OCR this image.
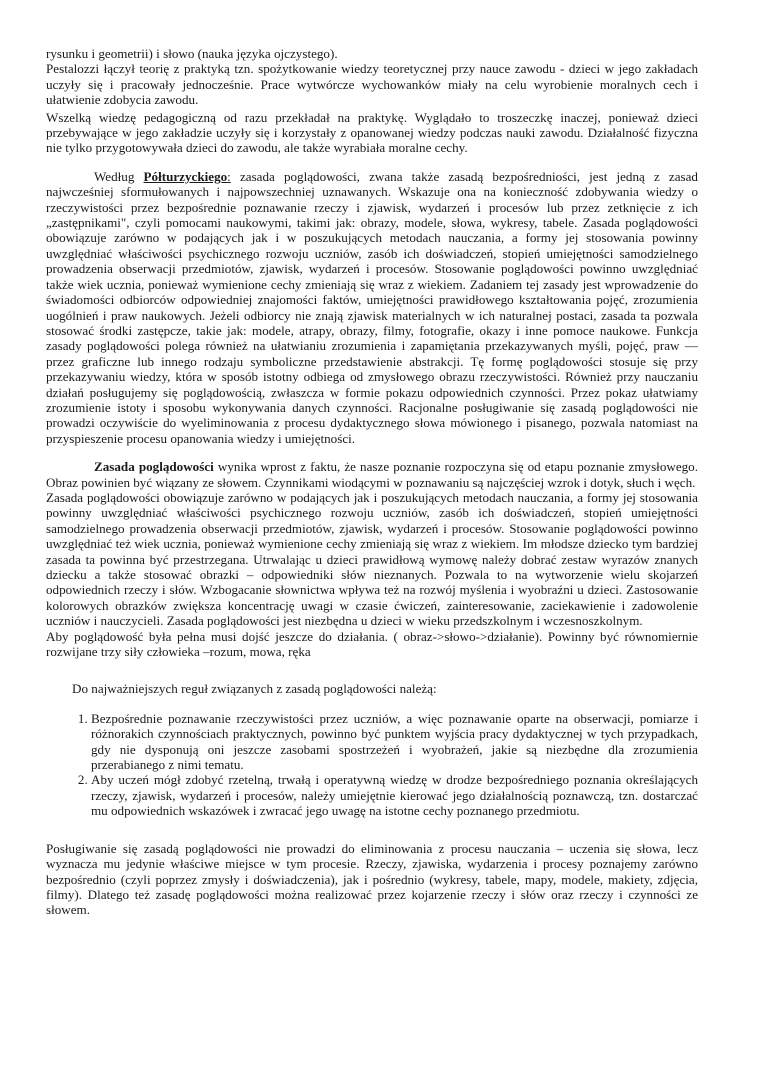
rysunku i geometrii) i słowo (nauka języka ojczystego).

Pestalozzi łączył teorię z praktyką tzn. spożytkowanie wiedzy teoretycznej przy nauce zawodu - dzieci w jego zakładach uczyły się i pracowały jednocześnie. Prace wytwórcze wychowanków miały na celu wyrobienie moralnych cech i ułatwienie zdobycia zawodu.

Wszelką wiedzę pedagogiczną od razu przekładał na praktykę. Wyglądało to troszeczkę inaczej, ponieważ dzieci przebywające w jego zakładzie uczyły się i korzystały z opanowanej wiedzy podczas nauki zawodu. Działalność fizyczna nie tylko przygotowywała dzieci do zawodu, ale także wyrabiała moralne cechy.

Według Półturzyckiego: zasada poglądowości, zwana także zasadą bezpośredniości, jest jedną z zasad najwcześniej sformułowanych i najpowszechniej uznawanych. Wskazuje ona na konieczność zdobywania wiedzy o rzeczywistości przez bezpośrednie poznawanie rzeczy i zjawisk, wydarzeń i procesów lub przez zetknięcie z ich „zastępnikami", czyli pomocami naukowymi, takimi jak: obrazy, modele, słowa, wykresy, tabele. Zasada poglądowości obowiązuje zarówno w podających jak i w poszukujących metodach nauczania, a formy jej stosowania powinny uwzględniać właściwości psychicznego rozwoju uczniów, zasób ich doświadczeń, stopień umiejętności samodzielnego prowadzenia obserwacji przedmiotów, zjawisk, wydarzeń i procesów. Stosowanie poglądowości powinno uwzględniać także wiek ucznia, ponieważ wymienione cechy zmieniają się wraz z wiekiem. Zadaniem tej zasady jest wprowadzenie do świadomości odbiorców odpowiedniej znajomości faktów, umiejętności prawidłowego kształtowania pojęć, zrozumienia uogólnień i praw naukowych. Jeżeli odbiorcy nie znają zjawisk materialnych w ich naturalnej postaci, zasada ta pozwala stosować środki zastępcze, takie jak: modele, atrapy, obrazy, filmy, fotografie, okazy i inne pomoce naukowe. Funkcja zasady poglądowości polega również na ułatwianiu zrozumienia i zapamiętania przekazywanych myśli, pojęć, praw — przez graficzne lub innego rodzaju symboliczne przedstawienie abstrakcji. Tę formę poglądowości stosuje się przy przekazywaniu wiedzy, która w sposób istotny odbiega od zmysłowego obrazu rzeczywistości. Również przy nauczaniu działań posługujemy się poglądowością, zwłaszcza w formie pokazu odpowiednich czynności. Przez pokaz ułatwiamy zrozumienie istoty i sposobu wykonywania danych czynności. Racjonalne posługiwanie się zasadą poglądowości nie prowadzi oczywiście do wyeliminowania z procesu dydaktycznego słowa mówionego i pisanego, pozwala natomiast na przyspieszenie procesu opanowania wiedzy i umiejętności.

Zasada poglądowości wynika wprost z faktu, że nasze poznanie rozpoczyna się od etapu poznanie zmysłowego. Obraz powinien być wiązany ze słowem. Czynnikami wiodącymi w poznawaniu są najczęściej wzrok i dotyk, słuch i węch.

Zasada poglądowości obowiązuje zarówno w podających jak i poszukujących metodach nauczania, a formy jej stosowania powinny uwzględniać właściwości psychicznego rozwoju uczniów, zasób ich doświadczeń, stopień umiejętności samodzielnego prowadzenia obserwacji przedmiotów, zjawisk, wydarzeń i procesów. Stosowanie poglądowości powinno uwzględniać też wiek ucznia, ponieważ wymienione cechy zmieniają się wraz z wiekiem. Im młodsze dziecko tym bardziej zasada ta powinna być przestrzegana. Utrwalając u dzieci prawidłową wymowę należy dobrać zestaw wyrazów znanych dziecku a także stosować obrazki – odpowiedniki słów nieznanych. Pozwala to na wytworzenie wielu skojarzeń odpowiednich rzeczy i słów. Wzbogacanie słownictwa wpływa też na rozwój myślenia i wyobraźni u dzieci. Zastosowanie kolorowych obrazków zwiększa koncentrację uwagi w czasie ćwiczeń, zainteresowanie, zaciekawienie i zadowolenie uczniów i nauczycieli. Zasada poglądowości jest niezbędna u dzieci w wieku przedszkolnym i wczesnoszkolnym.

Aby poglądowość była pełna musi dojść jeszcze do działania. ( obraz->słowo->działanie). Powinny być równomiernie rozwijane trzy siły człowieka –rozum, mowa, ręka

Do najważniejszych reguł związanych z zasadą poglądowości należą:

1. Bezpośrednie poznawanie rzeczywistości przez uczniów, a więc poznawanie oparte na obserwacji, pomiarze i różnorakich czynnościach praktycznych, powinno być punktem wyjścia pracy dydaktycznej w tych przypadkach, gdy nie dysponują oni jeszcze zasobami spostrzeżeń i wyobrażeń, jakie są niezbędne dla zrozumienia przerabianego z nimi tematu.
2. Aby uczeń mógł zdobyć rzetelną, trwałą i operatywną wiedzę w drodze bezpośredniego poznania określających rzeczy, zjawisk, wydarzeń i procesów, należy umiejętnie kierować jego działalnością poznawczą, tzn. dostarczać mu odpowiednich wskazówek i zwracać jego uwagę na istotne cechy poznanego przedmiotu.

Posługiwanie się zasadą poglądowości nie prowadzi do eliminowania z procesu nauczania – uczenia się słowa, lecz wyznacza mu jedynie właściwe miejsce w tym procesie. Rzeczy, zjawiska, wydarzenia i procesy poznajemy zarówno bezpośrednio (czyli poprzez zmysły i doświadczenia), jak i pośrednio (wykresy, tabele, mapy, modele, makiety, zdjęcia, filmy). Dlatego też zasadę poglądowości można realizować przez kojarzenie rzeczy i słów oraz rzeczy i czynności ze słowem.
